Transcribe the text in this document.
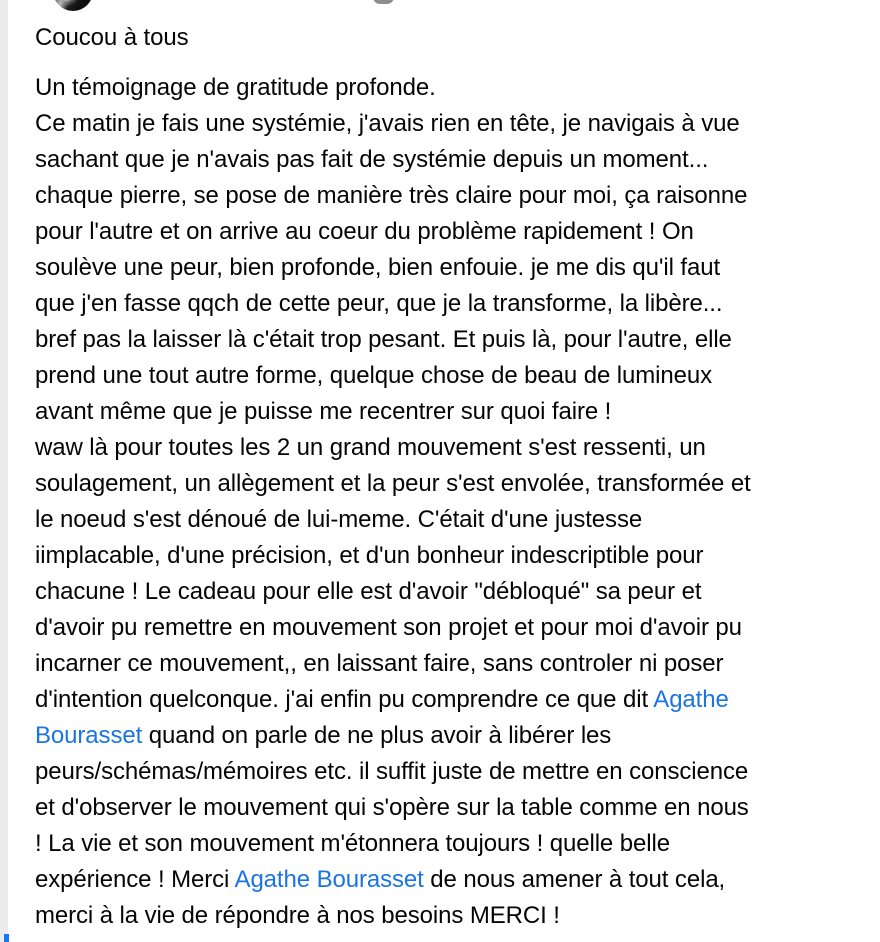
Coucou à tous

Un témoignage de gratitude profonde.
Ce matin je fais une systémie, j'avais rien en tête, je navigais à vue
sachant que je n'avais pas fait de systémie depuis un moment...
chaque pierre, se pose de manière très claire pour moi, ça raisonne
pour l'autre et on arrive au coeur du problème rapidement ! On
soulève une peur, bien profonde, bien enfouie. je me dis qu'il faut
que j'en fasse qqch de cette peur, que je la transforme, la libère...
bref pas la laisser là c'était trop pesant. Et puis là, pour l'autre, elle
prend une tout autre forme, quelque chose de beau de lumineux
avant même que je puisse me recentrer sur quoi faire !
waw là pour toutes les 2 un grand mouvement s'est ressenti, un
soulagement, un allègement et la peur s'est envolée, transformée et
le noeud s'est dénoué de lui-meme. C'était d'une justesse
iimplacable, d'une précision, et d'un bonheur indescriptible pour
chacune ! Le cadeau pour elle est d'avoir "débloqué" sa peur et
d'avoir pu remettre en mouvement son projet et pour moi d'avoir pu
incarner ce mouvement,, en laissant faire, sans controler ni poser
d'intention quelconque. j'ai enfin pu comprendre ce que dit Agathe
Bourasset quand on parle de ne plus avoir à libérer les
peurs/schémas/mémoires etc. il suffit juste de mettre en conscience
et d'observer le mouvement qui s'opère sur la table comme en nous
! La vie et son mouvement m'étonnera toujours ! quelle belle
expérience ! Merci Agathe Bourasset de nous amener à tout cela,
merci à la vie de répondre à nos besoins MERCI !
